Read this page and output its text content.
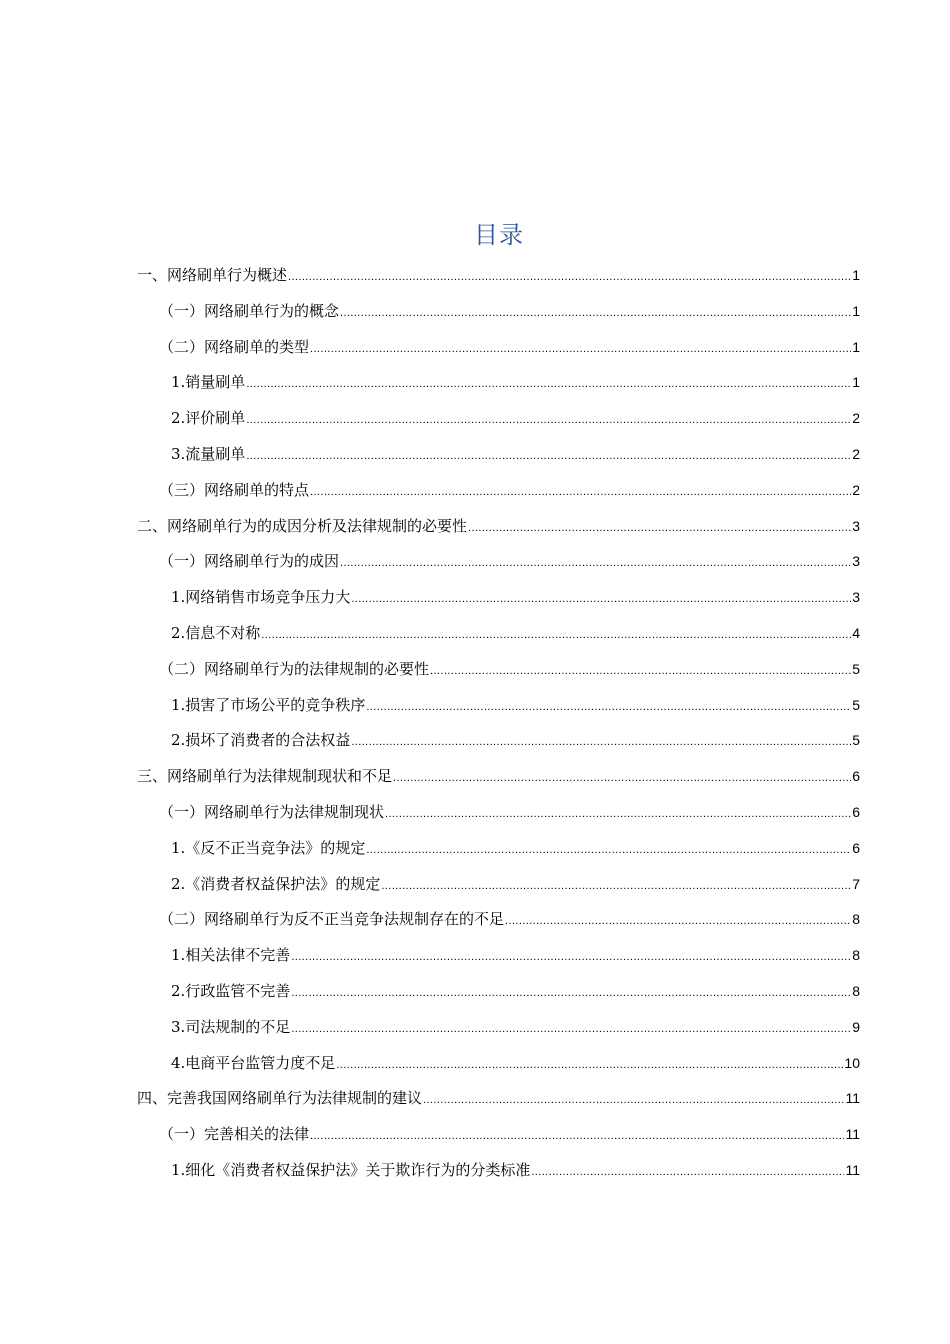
目录
一、网络刷单行为概述 .....	1
（一）网络刷单行为的概念 .....	1
（二）网络刷单的类型 .....	1
1.销量刷单 .....	1
2.评价刷单 .....	2
3.流量刷单 .....	2
（三）网络刷单的特点 .....	2
二、网络刷单行为的成因分析及法律规制的必要性 .....	3
（一）网络刷单行为的成因 .....	3
1.网络销售市场竞争压力大 .....	3
2.信息不对称 .....	4
（二）网络刷单行为的法律规制的必要性 .....	5
1.损害了市场公平的竞争秩序 .....	5
2.损坏了消费者的合法权益 .....	5
三、网络刷单行为法律规制现状和不足 .....	6
（一）网络刷单行为法律规制现状 .....	6
1.《反不正当竞争法》的规定 .....	6
2.《消费者权益保护法》的规定 .....	7
（二）网络刷单行为反不正当竞争法规制存在的不足 .....	8
1.相关法律不完善 .....	8
2.行政监管不完善 .....	8
3.司法规制的不足 .....	9
4.电商平台监管力度不足 .....	10
四、完善我国网络刷单行为法律规制的建议 .....	11
（一）完善相关的法律 .....	11
1.细化《消费者权益保护法》关于欺诈行为的分类标准 .....	11
